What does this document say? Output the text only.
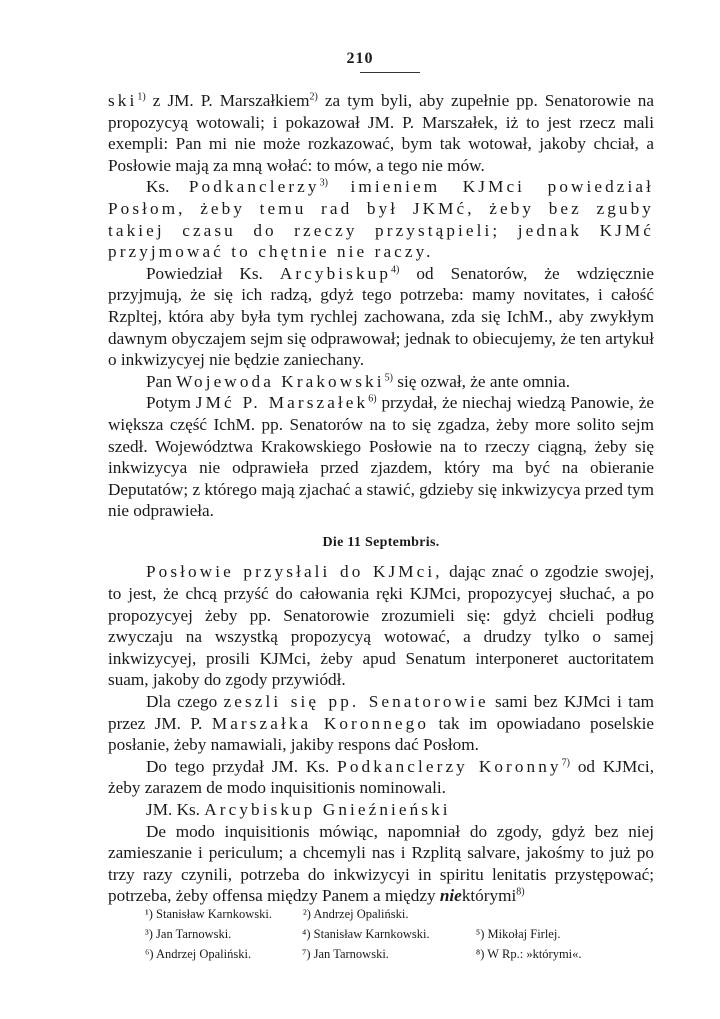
210

ski$^{1)}$ z JM. P. Marszałkiem$^{2)}$ za tym byli, aby zupełnie pp. Senatorowie na propozycyą wotowali; i pokazował JM. P. Marszałek, iż to jest rzecz mali exempli: Pan mi nie może rozkazować, bym tak wotował, jakoby chciał, a Posłowie mają za mną wołać: to mów, a tego nie mów.

Ks. Podkanclerzy$^{3)}$ imieniem KJMci powiedział Posłom, żeby temu rad był JKMć, żeby bez zguby takiej czasu do rzeczy przystąpieli; jednak KJMć przyjmować to chętnie nie raczy.

Powiedział Ks. Arcybiskup$^{4)}$ od Senatorów, że wdzięcznie przyjmują, że się ich radzą, gdyż tego potrzeba: mamy novitates, i całość Rzpltej, która aby była tym rychlej zachowana, zda się IchM., aby zwykłym dawnym obyczajem sejm się odprawował; jednak to obiecujemy, że ten artykuł o inkwizycyej nie będzie zaniechany.

Pan Wojewoda Krakowski$^{5)}$ się ozwał, że ante omnia.

Potym JMć P. Marszałek$^{6)}$ przydał, że niechaj wiedzą Panowie, że większa część IchM. pp. Senatorów na to się zgadza, żeby more solito sejm szedł. Województwa Krakowskiego Posłowie na to rzeczy ciągną, żeby się inkwizycya nie odprawieła przed zjazdem, który ma być na obieranie Deputatów; z którego mają zjachać a stawić, gdzieby się inkwizycya przed tym nie odprawieła.

Die 11 Septembris.

Posłowie przysłali do KJMci, dając znać o zgodzie swojej, to jest, że chcą przyść do całowania ręki KJMci, propozycyej słuchać, a po propozycyej żeby pp. Senatorowie zrozumieli się: gdyż chcieli podług zwyczaju na wszystką propozycyą wotować, a drudzy tylko o samej inkwizycyej, prosili KJMci, żeby apud Senatum interponeret auctoritatem suam, jakoby do zgody przywiódł.

Dla czego zeszli się pp. Senatorowie sami bez KJMci i tam przez JM. P. Marszałka Koronnego tak im opowiadano poselskie posłanie, żeby namawiali, jakiby respons dać Posłom.

Do tego przydał JM. Ks. Podkanclerzy Koronny$^{7)}$ od KJMci, żeby zarazem de modo inquisitionis nominowali.

JM. Ks. Arcybiskup Gnieźnieński

De modo inquisitionis mówiąc, napomniał do zgody, gdyż bez niej zamieszanie i periculum; a chcemyli nas i Rzplitą salvare, jakośmy to już po trzy razy czynili, potrzeba do inkwizycyi in spiritu lenitatis przystępować; potrzeba, żeby offensa między Panem a między niektórymi$^{8)}$

¹) Stanisław Karnkowski.	²) Andrzej Opaliński.
³) Jan Tarnowski.	⁴) Stanisław Karnkowski.	⁵) Mikołaj Firlej.
⁶) Andrzej Opaliński.	⁷) Jan Tarnowski.	⁸) W Rp.: »którymi«.
